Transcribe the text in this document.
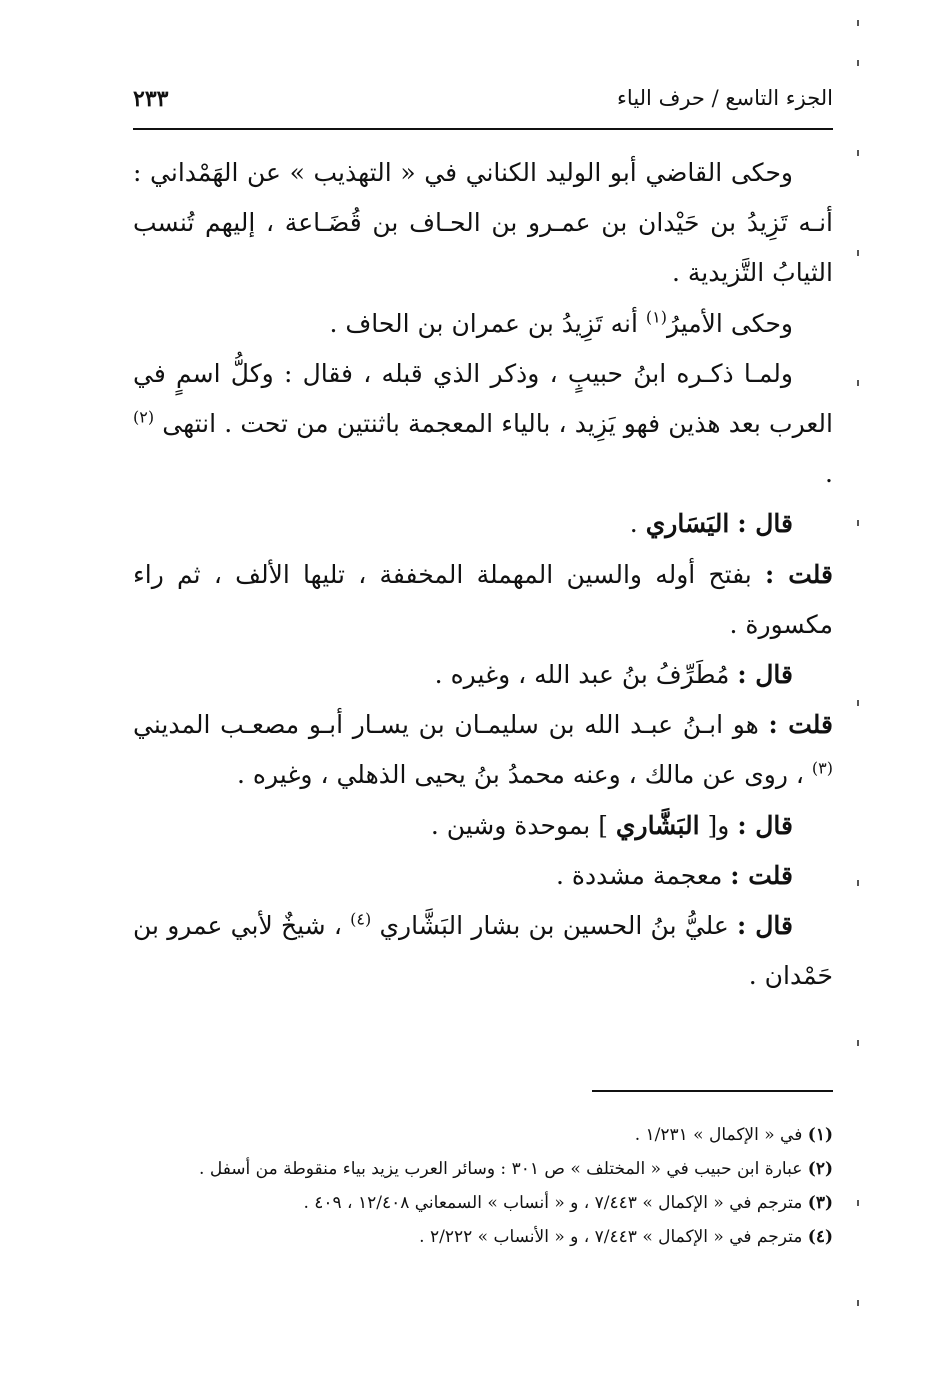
الجزء التاسع / حرف الياء
٢٣٣

وحكى القاضي أبو الوليد الكناني في « التهذيب » عن الهَمْداني : أنـه تَزِيدُ بن حَيْدان بن عمـرو بن الحـاف بن قُضَـاعة ، إليهم تُنسب الثيابُ التَّزيدية .

وحكى الأميرُ$^{(١)}$ أنه تَزِيدُ بن عمران بن الحاف .

ولمـا ذكـره ابنُ حبيبٍ ، وذكر الذي قبله ، فقال : وكلُّ اسمٍ في العرب بعد هذين فهو يَزِيد ، بالياء المعجمة باثنتين من تحت . انتهى $^{(٢)}$ .

قال : اليَسَاري .

قلت : بفتح أوله والسين المهملة المخففة ، تليها الألف ، ثم راء مكسورة .

قال : مُطَرِّفُ بنُ عبد الله ، وغيره .

قلت : هو ابـنُ عبـد الله بن سليمـان بن يسـار أبـو مصعـب المديني $^{(٣)}$ ، روى عن مالك ، وعنه محمدُ بنُ يحيى الذهلي ، وغيره .

قال : و[ البَشَّاري ] بموحدة وشين .

قلت : معجمة مشددة .

قال : عليُّ بنُ الحسين بن بشار البَشَّاري $^{(٤)}$ ، شيخٌ لأبي عمرو بن حَمْدان .

(١) في « الإكمال » ١/٢٣١ .
(٢) عبارة ابن حبيب في « المختلف » ص ٣٠١ : وسائر العرب يزيد بياء منقوطة من أسفل .
(٣) مترجم في « الإكمال » ٧/٤٤٣ ، و « أنساب » السمعاني ١٢/٤٠٨ ، ٤٠٩ .
(٤) مترجم في « الإكمال » ٧/٤٤٣ ، و « الأنساب » ٢/٢٢٢ .
